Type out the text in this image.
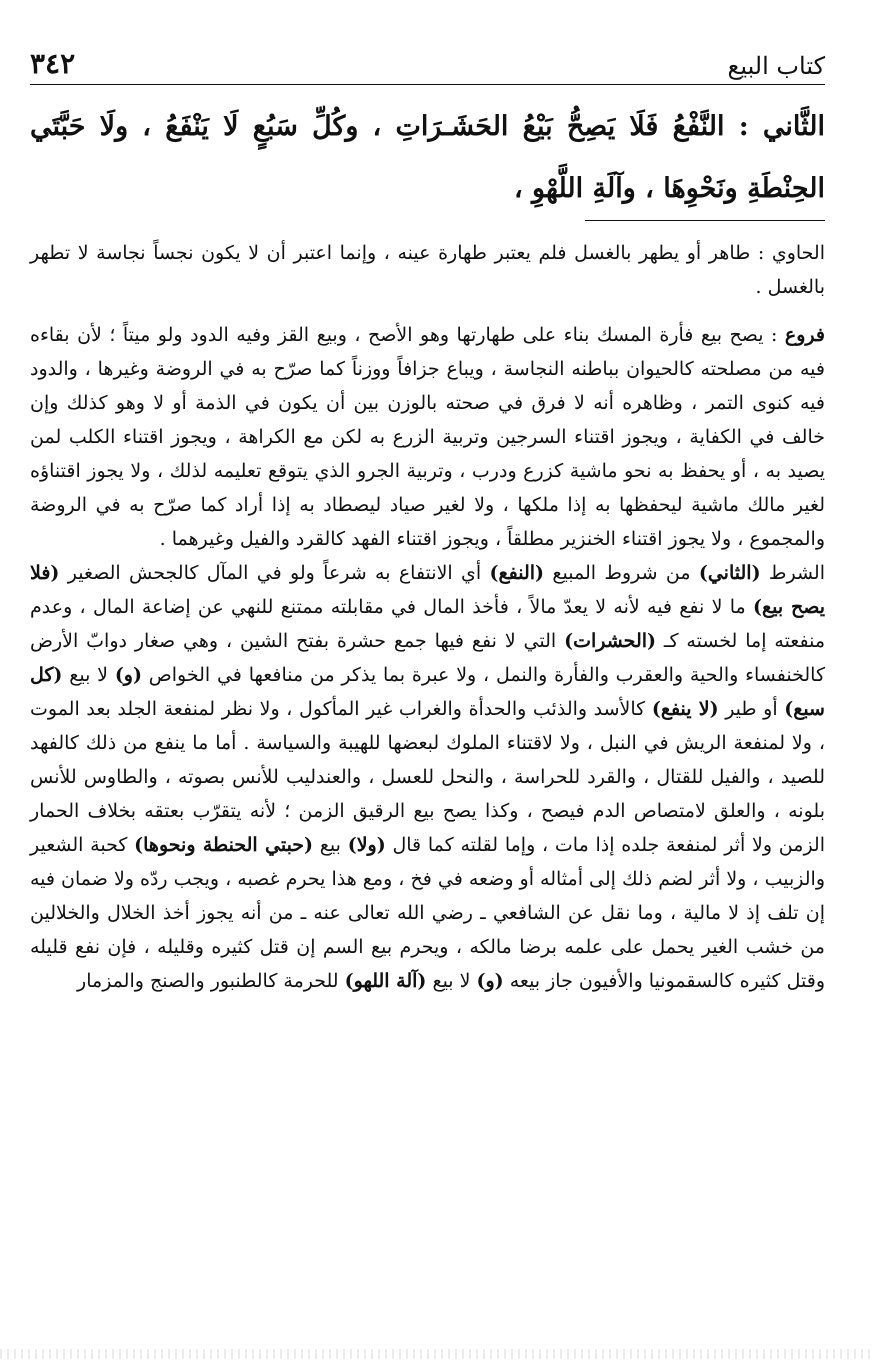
٣٤٢	كتاب البيع
الثَّاني : النَّفْعُ فَلَا يَصِحُّ بَيْعُ الحَشَـرَاتِ ، وكُلِّ سَبُعٍ لَا يَنْفَعُ ، ولَا حَبَّتَي الحِنْطَةِ ونَحْوِهَا ، وآلَةِ اللَّهْوِ ،

الحاوي : طاهر أو يطهر بالغسل فلم يعتبر طهارة عينه ، وإنما اعتبر أن لا يكون نجساً نجاسة لا تطهر بالغسل .

فروع : يصح بيع فأرة المسك بناء على طهارتها وهو الأصح ، وبيع القز وفيه الدود ولو ميتاً ؛ لأن بقاءه فيه من مصلحته كالحيوان بباطنه النجاسة ، ويباع جزافاً ووزناً كما صرّح به في الروضة وغيرها ، والدود فيه كنوى التمر ، وظاهره أنه لا فرق في صحته بالوزن بين أن يكون في الذمة أو لا وهو كذلك وإن خالف في الكفاية ، ويجوز اقتناء السرجين وتربية الزرع به لكن مع الكراهة ، ويجوز اقتناء الكلب لمن يصيد به ، أو يحفظ به نحو ماشية كزرع ودرب ، وتربية الجرو الذي يتوقع تعليمه لذلك ، ولا يجوز اقتناؤه لغير مالك ماشية ليحفظها به إذا ملكها ، ولا لغير صياد ليصطاد به إذا أراد كما صرّح به في الروضة والمجموع ، ولا يجوز اقتناء الخنزير مطلقاً ، ويجوز اقتناء الفهد كالقرد والفيل وغيرهما .

الشرط (الثاني) من شروط المبيع (النفع) أي الانتفاع به شرعاً ولو في المآل كالجحش الصغير (فلا يصح بيع) ما لا نفع فيه لأنه لا يعدّ مالاً ، فأخذ المال في مقابلته ممتنع للنهي عن إضاعة المال ، وعدم منفعته إما لخسته كـ (الحشرات) التي لا نفع فيها جمع حشرة بفتح الشين ، وهي صغار دوابّ الأرض كالخنفساء والحية والعقرب والفأرة والنمل ، ولا عبرة بما يذكر من منافعها في الخواص (و) لا بيع (كل سبع) أو طير (لا ينفع) كالأسد والذئب والحدأة والغراب غير المأكول ، ولا نظر لمنفعة الجلد بعد الموت ، ولا لمنفعة الريش في النبل ، ولا لاقتناء الملوك لبعضها للهيبة والسياسة . أما ما ينفع من ذلك كالفهد للصيد ، والفيل للقتال ، والقرد للحراسة ، والنحل للعسل ، والعندليب للأنس بصوته ، والطاوس للأنس بلونه ، والعلق لامتصاص الدم فيصح ، وكذا يصح بيع الرقيق الزمن ؛ لأنه يتقرّب بعتقه بخلاف الحمار الزمن ولا أثر لمنفعة جلده إذا مات ، وإما لقلته كما قال (ولا) بيع (حبتي الحنطة ونحوها) كحبة الشعير والزبيب ، ولا أثر لضم ذلك إلى أمثاله أو وضعه في فخ ، ومع هذا يحرم غصبه ، ويجب ردّه ولا ضمان فيه إن تلف إذ لا مالية ، وما نقل عن الشافعي ـ رضي الله تعالى عنه ـ من أنه يجوز أخذ الخلال والخلالين من خشب الغير يحمل على علمه برضا مالكه ، ويحرم بيع السم إن قتل كثيره وقليله ، فإن نفع قليله وقتل كثيره كالسقمونيا والأفيون جاز بيعه (و) لا بيع (آلة اللهو) للحرمة كالطنبور والصنج والمزمار
